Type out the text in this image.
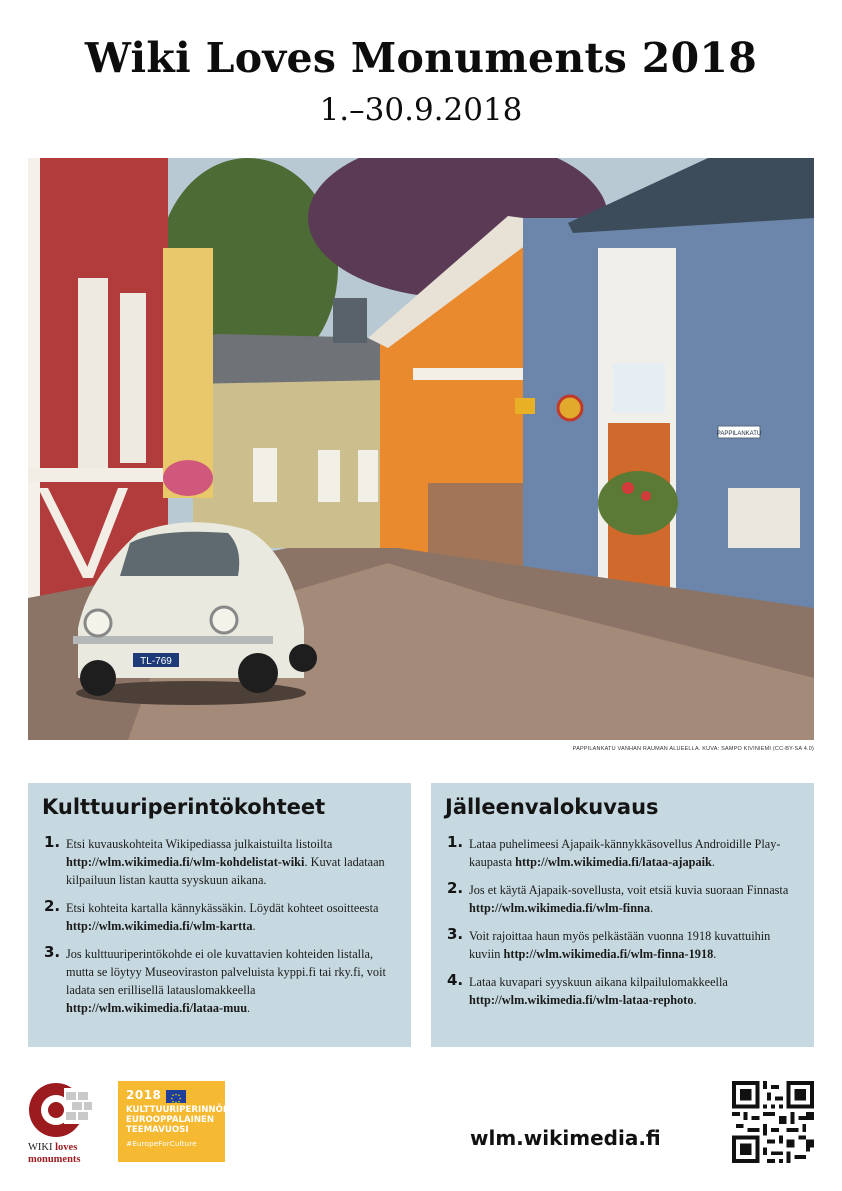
Wiki Loves Monuments 2018
1.–30.9.2018
TL-769
PAPPILANKATU
PAPPILANKATU VANHAN RAUMAN ALUEELLA. KUVA: SAMPO KIVINIEMI (CC-BY-SA 4.0)
Kulttuuriperintökohteet
1. Etsi kuvauskohteita Wikipediassa julkaistuilta listoilta http://wlm.wikimedia.fi/wlm-kohdelistat-wiki. Kuvat ladataan kilpailuun listan kautta syyskuun aikana.
2. Etsi kohteita kartalla kännykässäkin. Löydät kohteet osoitteesta http://wlm.wikimedia.fi/wlm-kartta.
3. Jos kulttuuriperintökohde ei ole kuvattavien kohteiden listalla, mutta se löytyy Museoviraston palveluista kyppi.fi tai rky.fi, voit ladata sen erillisellä latauslomakkeella http://wlm.wikimedia.fi/lataa-muu.
Jälleenvalokuvaus
1. Lataa puhelimeesi Ajapaik-kännykkäsovellus Androidille Play-kaupasta http://wlm.wikimedia.fi/lataa-ajapaik.
2. Jos et käytä Ajapaik-sovellusta, voit etsiä kuvia suoraan Finnasta http://wlm.wikimedia.fi/wlm-finna.
3. Voit rajoittaa haun myös pelkästään vuonna 1918 kuvattuihin kuviin http://wlm.wikimedia.fi/wlm-finna-1918.
4. Lataa kuvapari syyskuun aikana kilpailulomakkeella http://wlm.wikimedia.fi/wlm-lataa-rephoto.
WIKI loves
monuments
2018
KULTTUURIPERINNÖN
EUROOPPALAINEN
TEEMAVUOSI
#EuropeForCulture	wlm.wikimedia.fi
